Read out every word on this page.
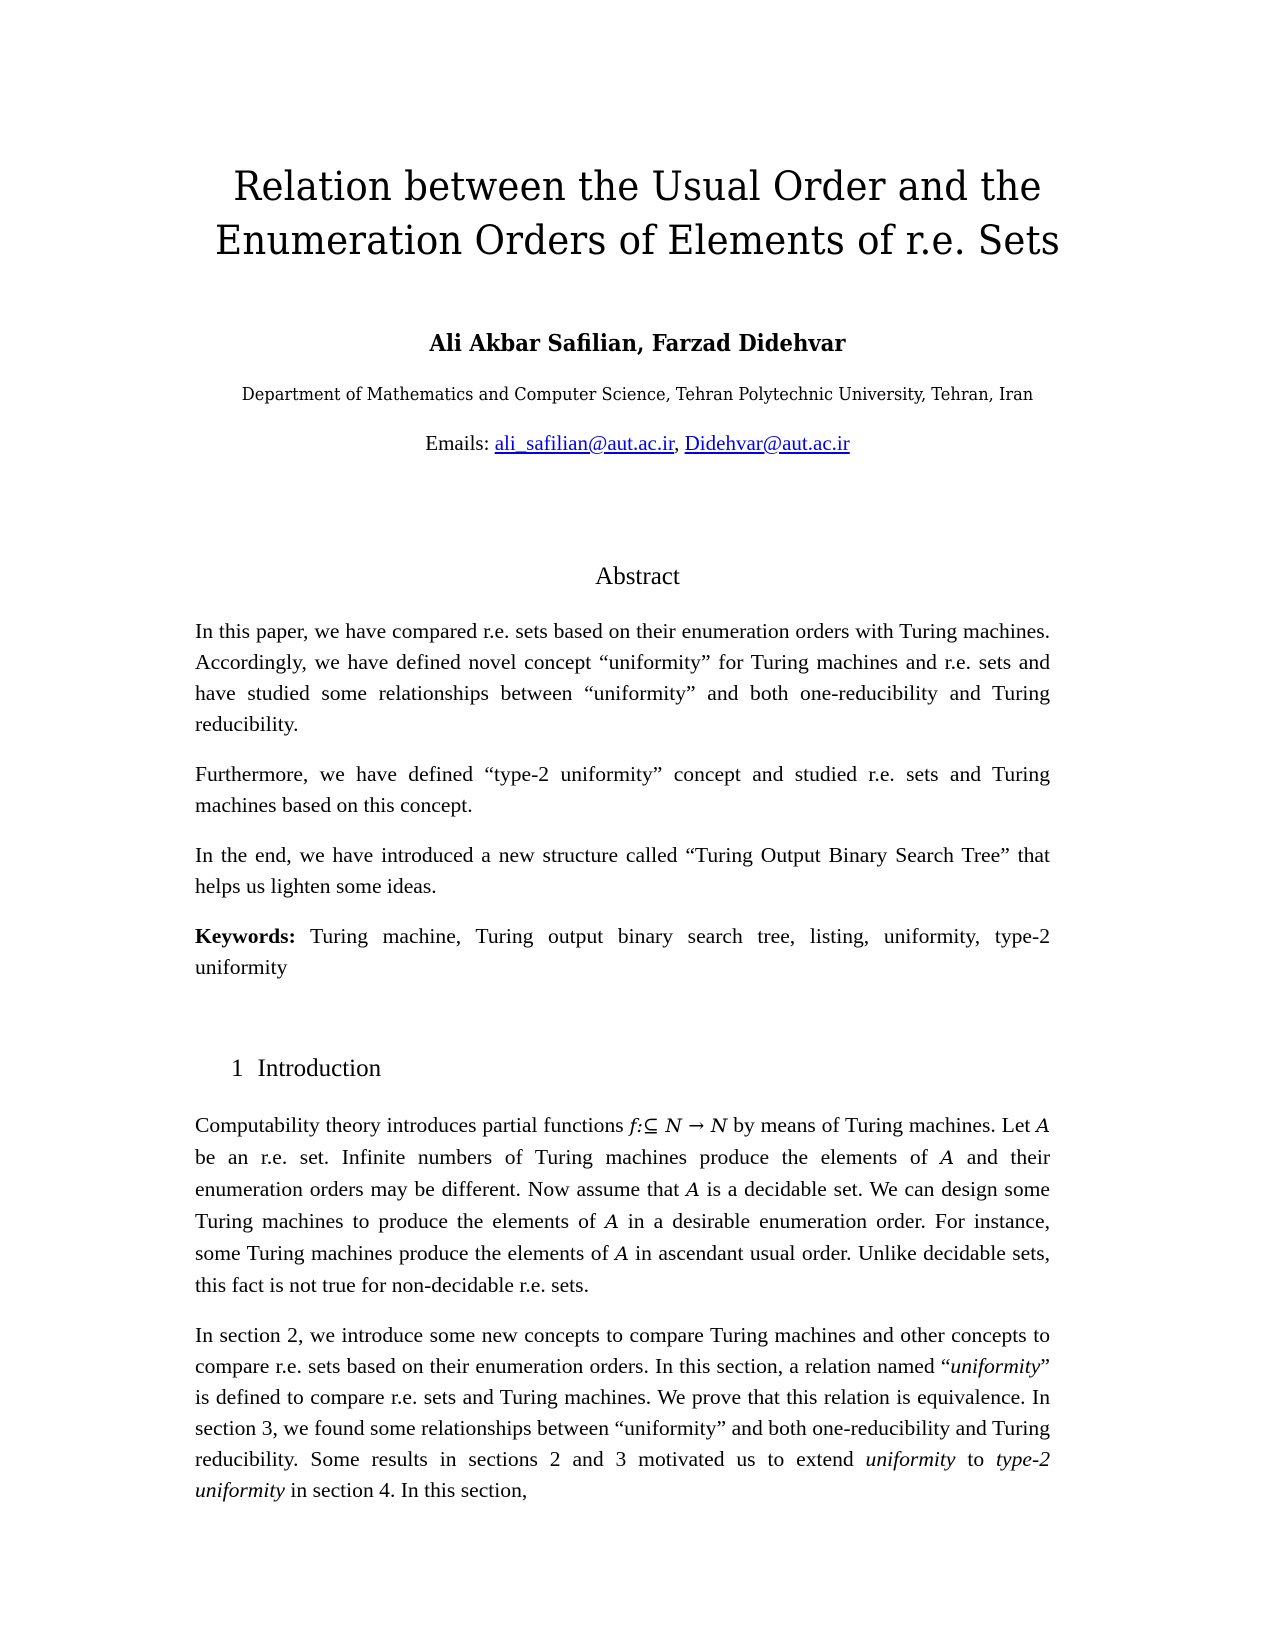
Relation between the Usual Order and the
Enumeration Orders of Elements of r.e. Sets
Ali Akbar Safilian, Farzad Didehvar
Department of Mathematics and Computer Science, Tehran Polytechnic University, Tehran, Iran
Emails: ali_safilian@aut.ac.ir, Didehvar@aut.ac.ir
Abstract

In this paper, we have compared r.e. sets based on their enumeration orders with Turing machines. Accordingly, we have defined novel concept “uniformity” for Turing machines and r.e. sets and have studied some relationships between “uniformity” and both one-reducibility and Turing reducibility.

Furthermore, we have defined “type-2 uniformity” concept and studied r.e. sets and Turing machines based on this concept.

In the end, we have introduced a new structure called “Turing Output Binary Search Tree” that helps us lighten some ideas.

Keywords: Turing machine, Turing output binary search tree, listing, uniformity, type-2 uniformity

1 Introduction

Computability theory introduces partial functions f:⊆ N → N by means of Turing machines. Let A be an r.e. set. Infinite numbers of Turing machines produce the elements of A and their enumeration orders may be different. Now assume that A is a decidable set. We can design some Turing machines to produce the elements of A in a desirable enumeration order. For instance, some Turing machines produce the elements of A in ascendant usual order. Unlike decidable sets, this fact is not true for non-decidable r.e. sets.

In section 2, we introduce some new concepts to compare Turing machines and other concepts to compare r.e. sets based on their enumeration orders. In this section, a relation named “uniformity” is defined to compare r.e. sets and Turing machines. We prove that this relation is equivalence. In section 3, we found some relationships between “uniformity” and both one-reducibility and Turing reducibility. Some results in sections 2 and 3 motivated us to extend uniformity to type-2 uniformity in section 4. In this section,
